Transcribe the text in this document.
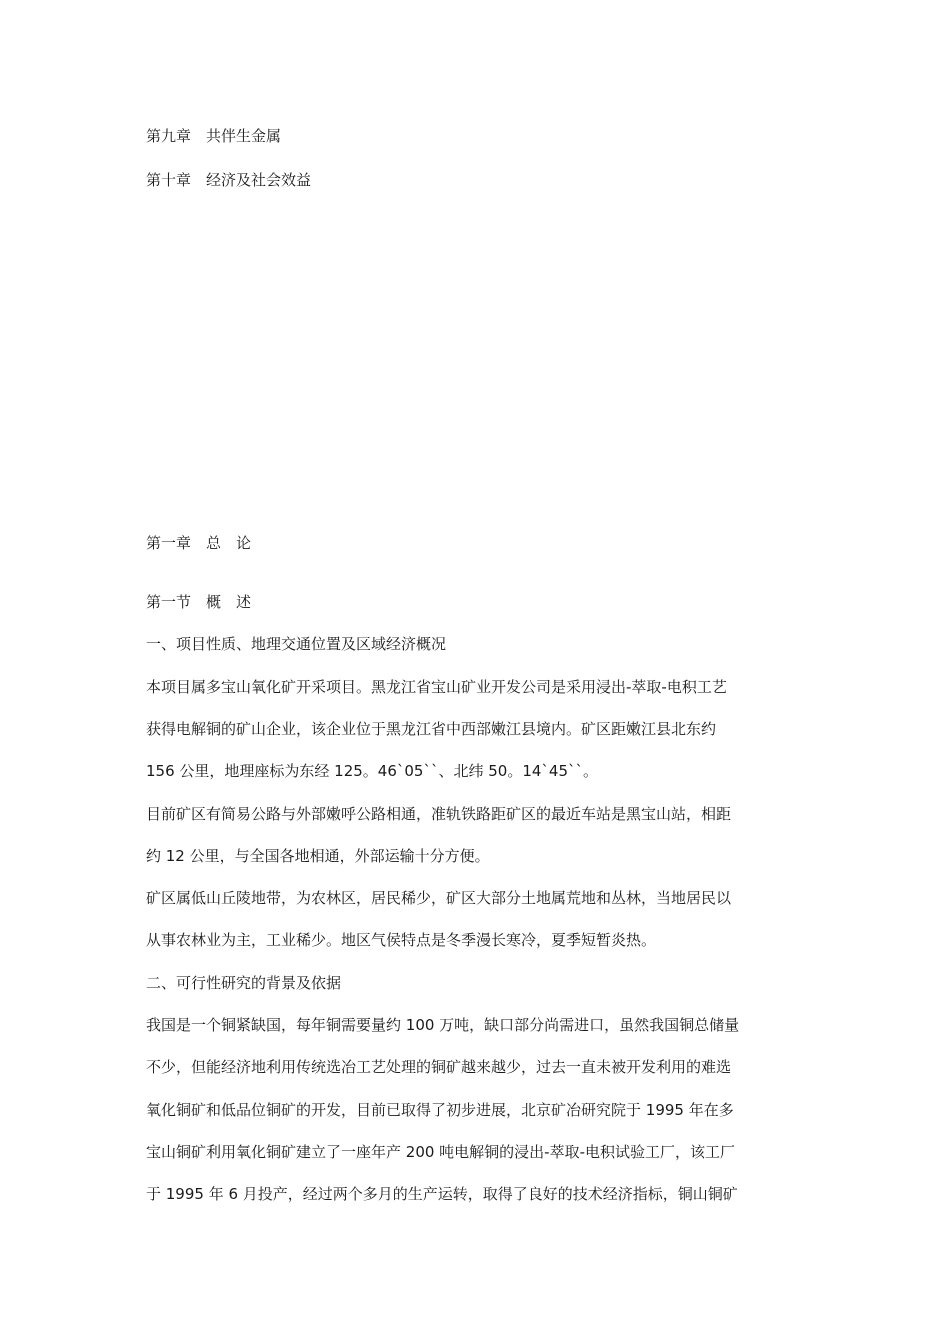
第九章　共伴生金属
第十章　经济及社会效益
第一章　总　论
第一节　概　述
一、项目性质、地理交通位置及区域经济概况
本项目属多宝山氧化矿开采项目。黑龙江省宝山矿业开发公司是采用浸出-萃取-电积工艺
获得电解铜的矿山企业，该企业位于黑龙江省中西部嫩江县境内。矿区距嫩江县北东约
156 公里，地理座标为东经 125。46`05``、北纬 50。14`45``。
目前矿区有简易公路与外部嫩呼公路相通，准轨铁路距矿区的最近车站是黑宝山站，相距
约 12 公里，与全国各地相通，外部运输十分方便。
矿区属低山丘陵地带，为农林区，居民稀少，矿区大部分土地属荒地和丛林，当地居民以
从事农林业为主，工业稀少。地区气侯特点是冬季漫长寒冷，夏季短暂炎热。
二、可行性研究的背景及依据
我国是一个铜紧缺国，每年铜需要量约 100 万吨，缺口部分尚需进口，虽然我国铜总储量
不少，但能经济地利用传统选冶工艺处理的铜矿越来越少，过去一直未被开发利用的难选
氧化铜矿和低品位铜矿的开发，目前已取得了初步进展，北京矿冶研究院于 1995 年在多
宝山铜矿利用氧化铜矿建立了一座年产 200 吨电解铜的浸出-萃取-电积试验工厂，该工厂
于 1995 年 6 月投产，经过两个多月的生产运转，取得了良好的技术经济指标，铜山铜矿
